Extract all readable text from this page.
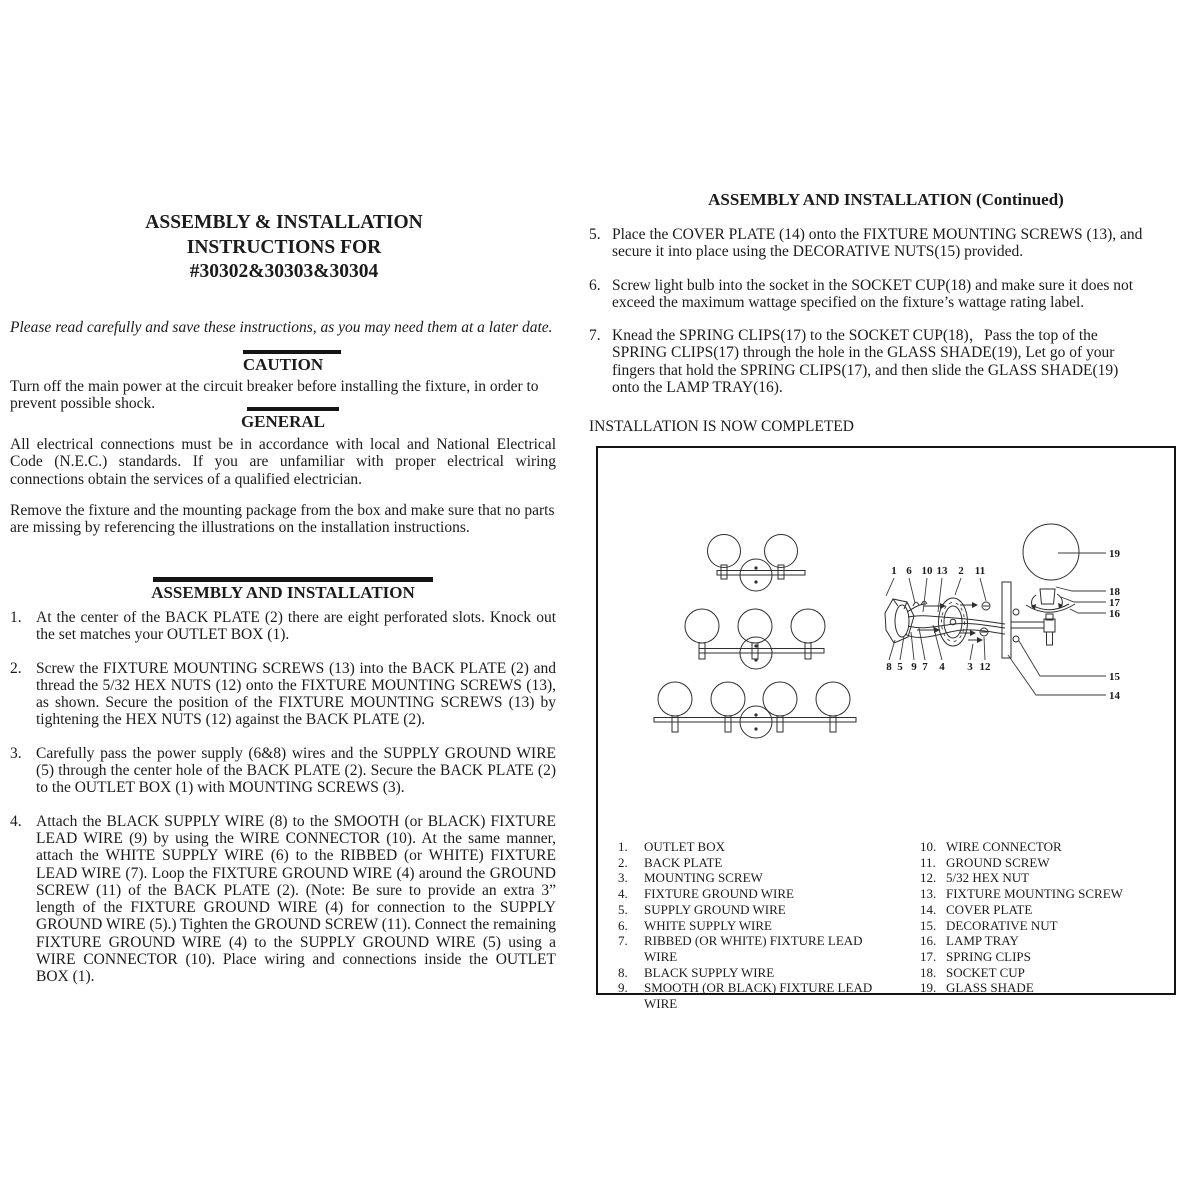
ASSEMBLY & INSTALLATION
INSTRUCTIONS FOR
#30302&30303&30304
Please read carefully and save these instructions, as you may need them at a later date.
CAUTION
Turn off the main power at the circuit breaker before installing the fixture, in order to prevent possible shock.
GENERAL
All electrical connections must be in accordance with local and National Electrical Code (N.E.C.) standards. If you are unfamiliar with proper electrical wiring connections obtain the services of a qualified electrician.
Remove the fixture and the mounting package from the box and make sure that no parts are missing by referencing the illustrations on the installation instructions.
ASSEMBLY AND INSTALLATION
1. At the center of the BACK PLATE (2) there are eight perforated slots. Knock out the set matches your OUTLET BOX (1).
2. Screw the FIXTURE MOUNTING SCREWS (13) into the BACK PLATE (2) and thread the 5/32 HEX NUTS (12) onto the FIXTURE MOUNTING SCREWS (13), as shown. Secure the position of the FIXTURE MOUNTING SCREWS (13) by tightening the HEX NUTS (12) against the BACK PLATE (2).
3. Carefully pass the power supply (6&8) wires and the SUPPLY GROUND WIRE (5) through the center hole of the BACK PLATE (2). Secure the BACK PLATE (2) to the OUTLET BOX (1) with MOUNTING SCREWS (3).
4. Attach the BLACK SUPPLY WIRE (8) to the SMOOTH (or BLACK) FIXTURE LEAD WIRE (9) by using the WIRE CONNECTOR (10). At the same manner, attach the WHITE SUPPLY WIRE (6) to the RIBBED (or WHITE) FIXTURE LEAD WIRE (7). Loop the FIXTURE GROUND WIRE (4) around the GROUND SCREW (11) of the BACK PLATE (2). (Note: Be sure to provide an extra 3” length of the FIXTURE GROUND WIRE (4) for connection to the SUPPLY GROUND WIRE (5).) Tighten the GROUND SCREW (11). Connect the remaining FIXTURE GROUND WIRE (4) to the SUPPLY GROUND WIRE (5) using a WIRE CONNECTOR (10). Place wiring and connections inside the OUTLET BOX (1).
ASSEMBLY AND INSTALLATION (Continued)
5. Place the COVER PLATE (14) onto the FIXTURE MOUNTING SCREWS (13), and secure it into place using the DECORATIVE NUTS(15) provided.
6. Screw light bulb into the socket in the SOCKET CUP(18) and make sure it does not exceed the maximum wattage specified on the fixture’s wattage rating label.
7. Knead the SPRING CLIPS(17) to the SOCKET CUP(18)，Pass the top of the SPRING CLIPS(17) through the hole in the GLASS SHADE(19), Let go of your fingers that hold the SPRING CLIPS(17), and then slide the GLASS SHADE(19) onto the LAMP TRAY(16).
INSTALLATION IS NOW COMPLETED
1 6 10 13 2 11
8 5 9 7 4 3 12
19
18
17
16
15
14
1.	OUTLET BOX
2.	BACK PLATE
3.	MOUNTING SCREW
4.	FIXTURE GROUND WIRE
5.	SUPPLY GROUND WIRE
6.	WHITE SUPPLY WIRE
7.	RIBBED (OR WHITE) FIXTURE LEAD WIRE
8.	BLACK SUPPLY WIRE
9.	SMOOTH (OR BLACK) FIXTURE LEAD WIRE
10. WIRE CONNECTOR
11. GROUND SCREW
12. 5/32 HEX NUT
13. FIXTURE MOUNTING SCREW
14. COVER PLATE
15. DECORATIVE NUT
16. LAMP TRAY
17. SPRING CLIPS
18. SOCKET CUP
19. GLASS SHADE
